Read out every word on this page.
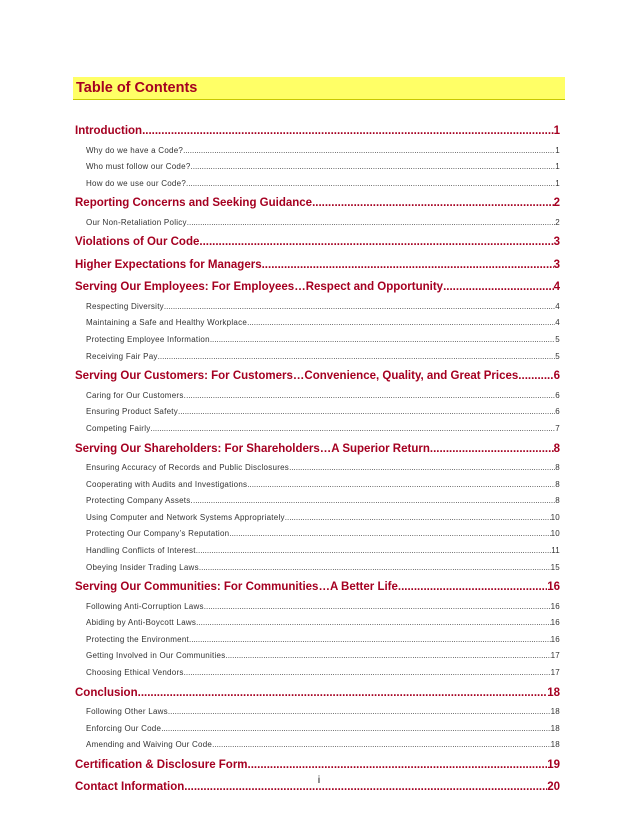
Table of Contents
Introduction .....	1
Why do we have a Code? .....	1
Who must follow our Code? .....	1
How do we use our Code? .....	1
Reporting Concerns and Seeking Guidance .....	2
Our Non-Retaliation Policy .....	2
Violations of Our Code .....	3
Higher Expectations for Managers .....	3
Serving Our Employees: For Employees…Respect and Opportunity .....	4
Respecting Diversity .....	4
Maintaining a Safe and Healthy Workplace .....	4
Protecting Employee Information .....	5
Receiving Fair Pay .....	5
Serving Our Customers: For Customers…Convenience, Quality, and Great Prices. .....	6
Caring for Our Customers. .....	6
Ensuring Product Safety .....	6
Competing Fairly .....	7
Serving Our Shareholders: For Shareholders…A Superior Return .....	8
Ensuring Accuracy of Records and Public Disclosures .....	8
Cooperating with Audits and Investigations .....	8
Protecting Company Assets. .....	8
Using Computer and Network Systems Appropriately .....	10
Protecting Our Company’s Reputation .....	10
Handling Conflicts of Interest .....	11
Obeying Insider Trading Laws .....	15
Serving Our Communities: For Communities…A Better Life .....	16
Following Anti-Corruption Laws .....	16
Abiding by Anti-Boycott Laws .....	16
Protecting the Environment .....	16
Getting Involved in Our Communities .....	17
Choosing Ethical Vendors .....	17
Conclusion .....	18
Following Other Laws .....	18
Enforcing Our Code .....	18
Amending and Waiving Our Code .....	18
Certification & Disclosure Form .....	19
Contact Information .....	20
i
